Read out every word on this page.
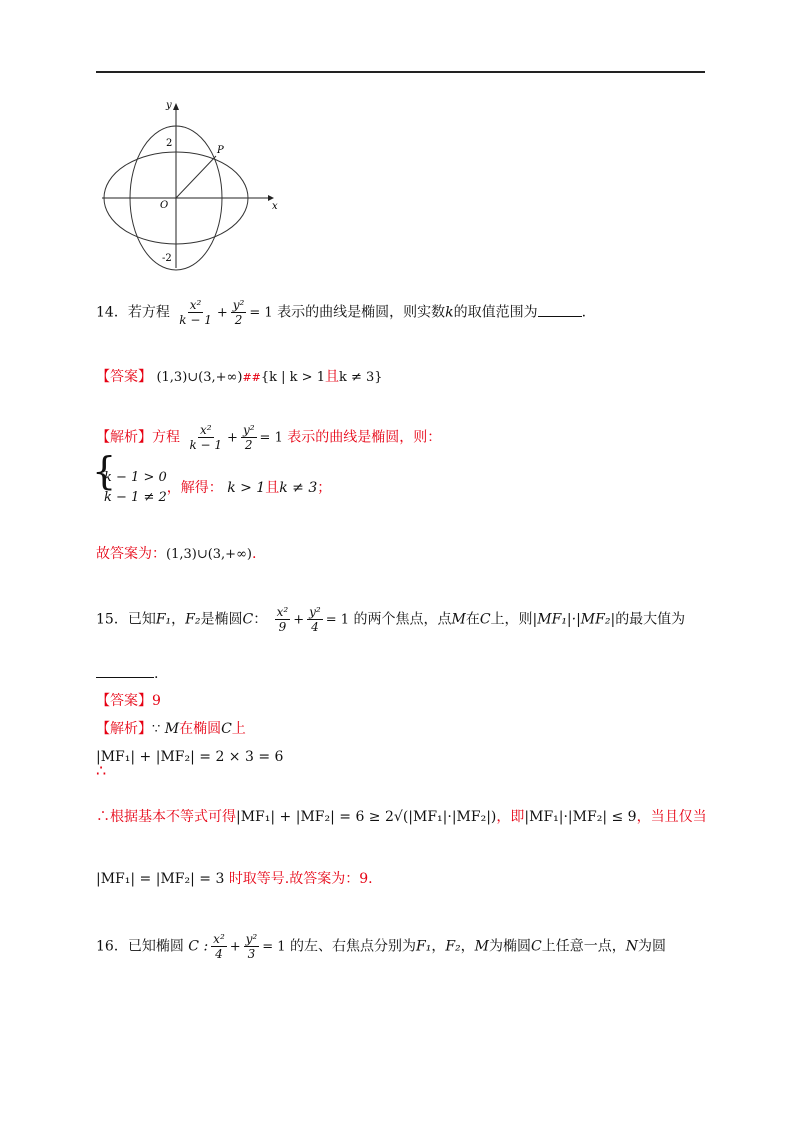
y
x
O
2
-2
P
14．若方程 $\frac{\text{x²}}{k - 1} + \frac{\text{y²}}{2} = 1$ 表示的曲线是椭圆，则实数k的取值范围为	.
【答案】 (1,3)∪(3,+∞)##{k | k > 1且k ≠ 3}
【解析】方程 $\frac{\text{x²}}{k - 1} + \frac{\text{y²}}{2} = 1$ 表示的曲线是椭圆，则：
{ k − 1 > 0
k − 1 ≠ 2
，解得： k > 1且k ≠ 3；
故答案为：(1,3)∪(3,+∞).
15．已知F₁，F₂是椭圆C： $\frac{\text{x²}}{9} + \frac{\text{y²}}{4} = 1$ 的两个焦点，点M在C上，则|MF₁|·|MF₂|的最大值为
.
【答案】9
【解析】∵ M在椭圆C上
|MF₁| + |MF₂| = 2 × 3 = 6
∴
∴根据基本不等式可得|MF₁| + |MF₂| = 6 ≥ 2√(|MF₁|·|MF₂|)，即|MF₁|·|MF₂| ≤ 9，当且仅当
|MF₁| = |MF₂| = 3 时取等号.故答案为：9.
16．已知椭圆 C : $\frac{\text{x²}}{4} + \frac{\text{y²}}{3} = 1$ 的左、右焦点分别为F₁，F₂，M为椭圆C上任意一点，N为圆
